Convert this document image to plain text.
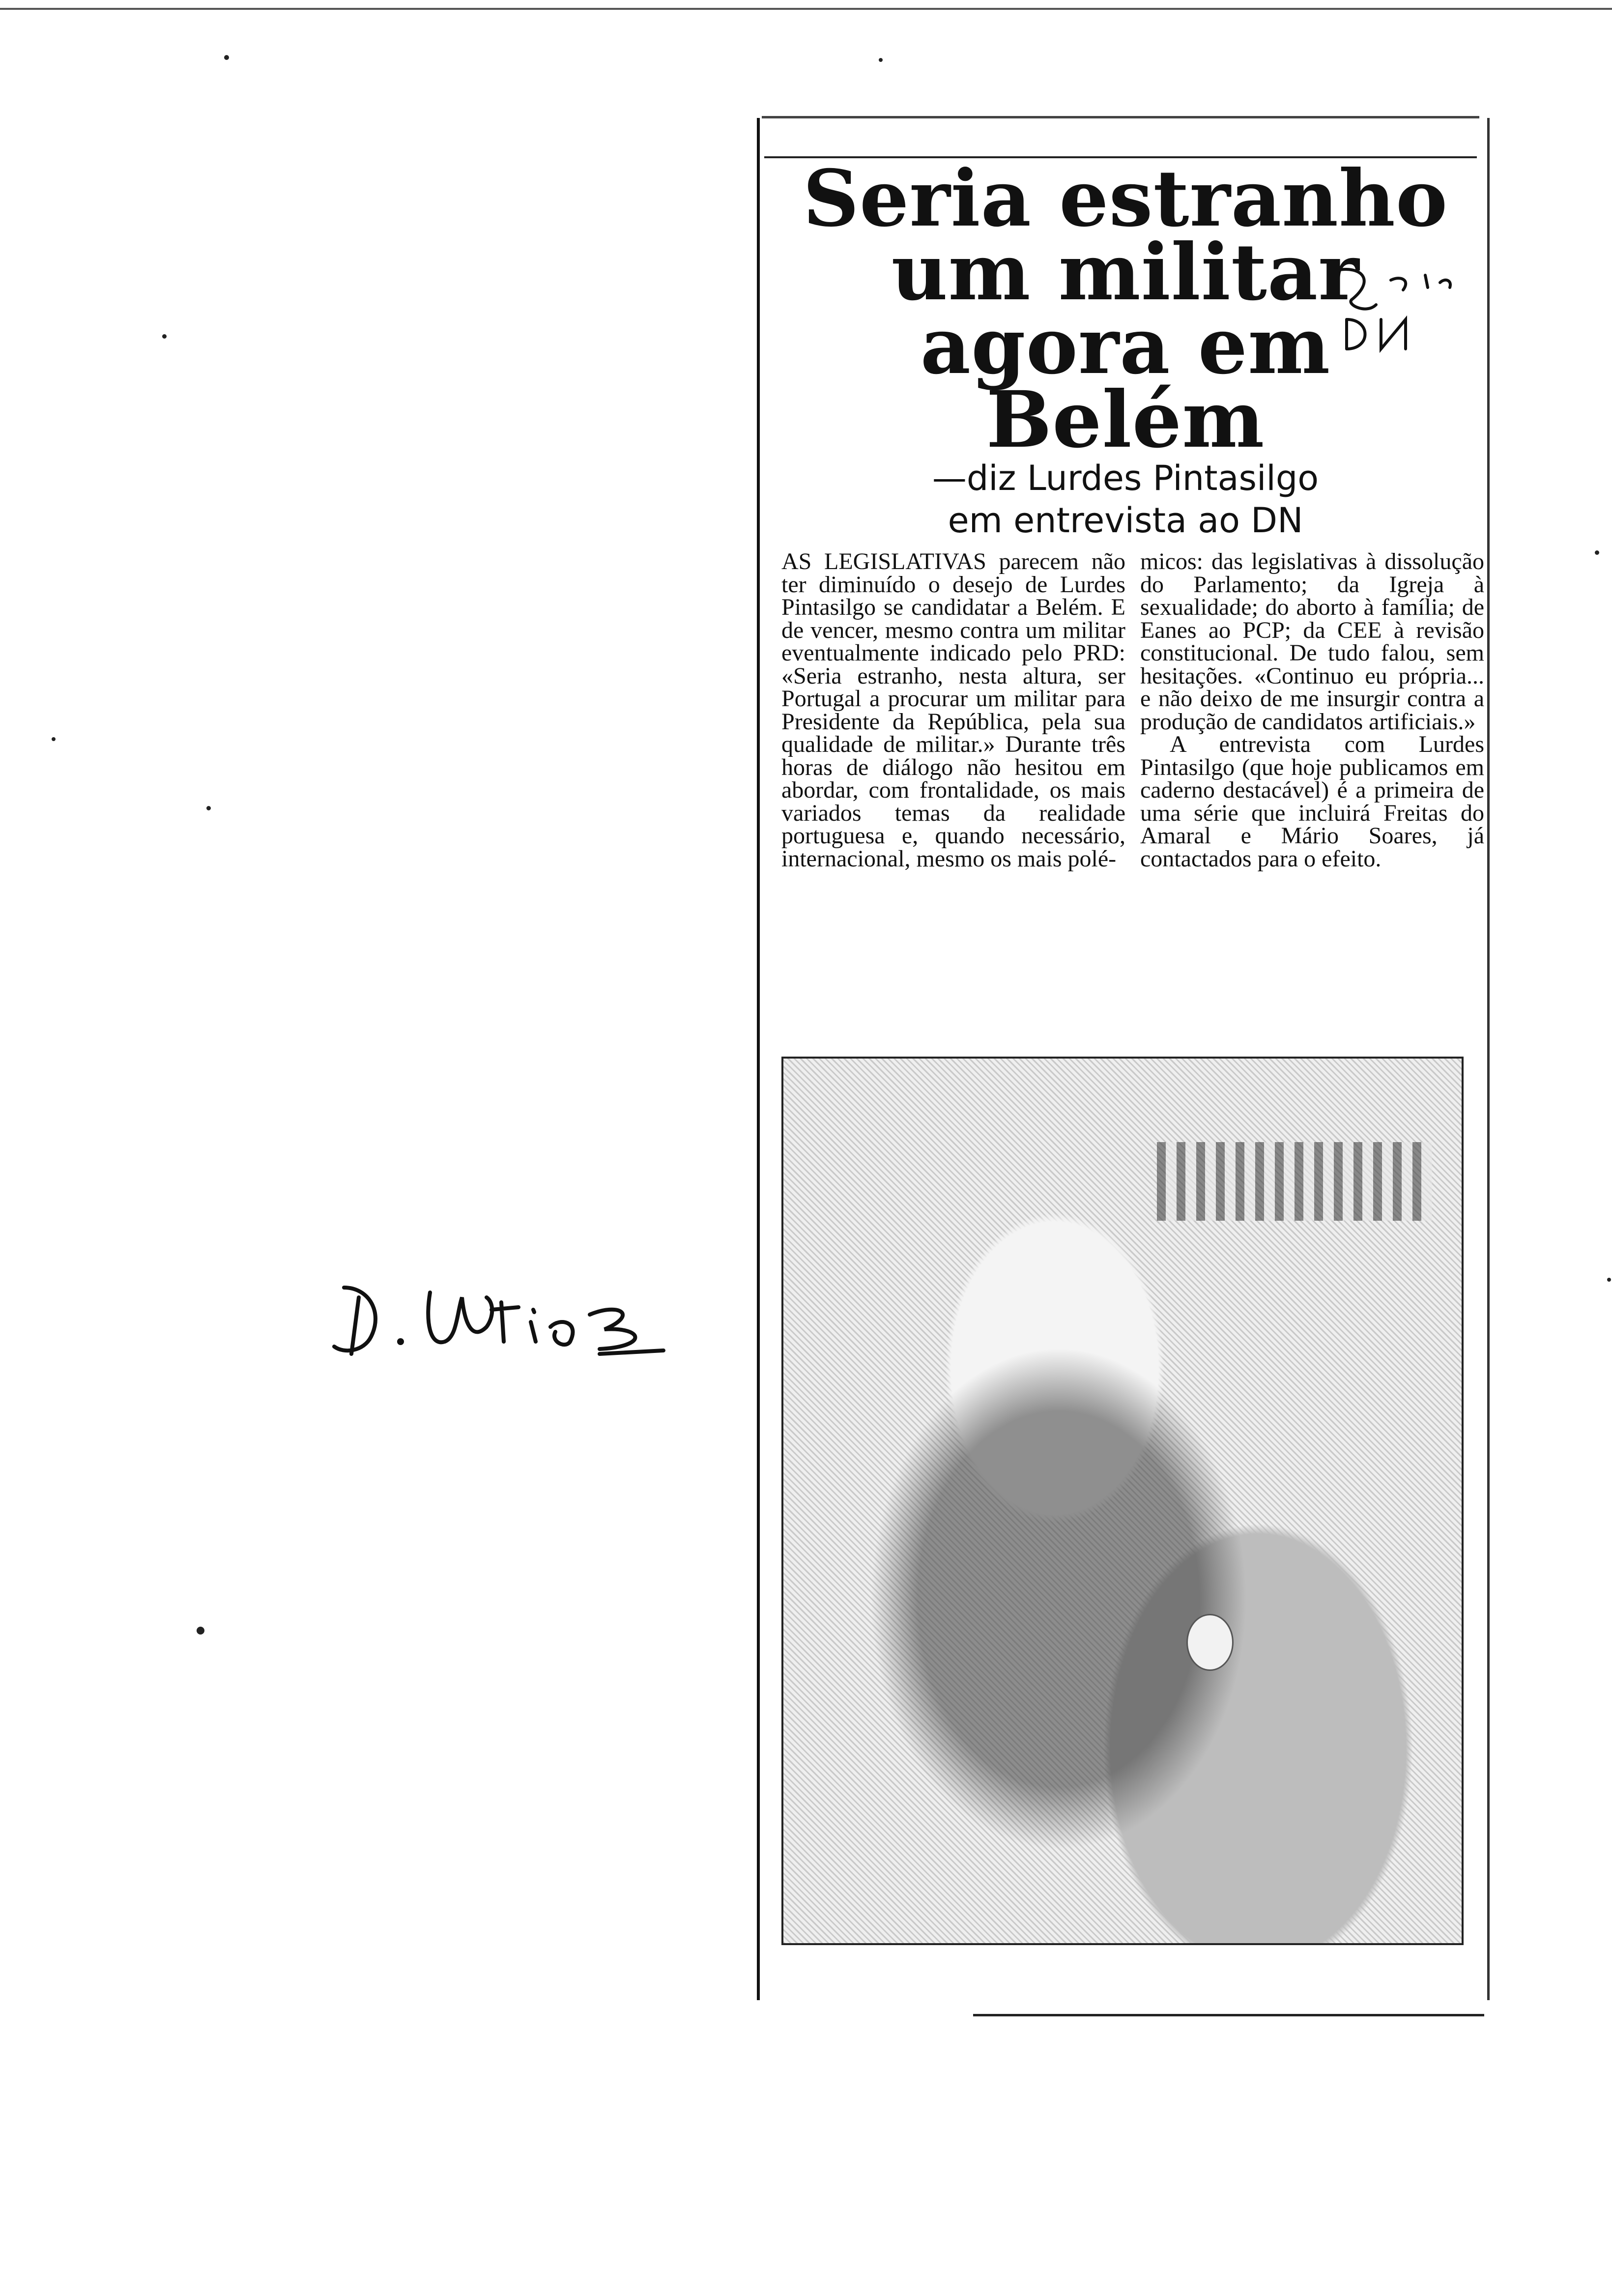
Seria estranho
um militar
agora em Belém
—diz Lurdes Pintasilgo
em entrevista ao DN

AS LEGISLATIVAS parecem não ter diminuído o desejo de Lurdes Pintasilgo se candidatar a Belém. E de vencer, mesmo contra um militar eventualmente indicado pelo PRD: «Seria estranho, nesta altura, ser Portugal a procurar um militar para Presidente da República, pela sua qualidade de militar.» Durante três horas de diálogo não hesitou em abordar, com frontalidade, os mais variados temas da realidade portuguesa e, quando necessário, internacional, mesmo os mais polé-

micos: das legislativas à dissolução do Parlamento; da Igreja à sexualidade; do aborto à família; de Eanes ao PCP; da CEE à revisão constitucional. De tudo falou, sem hesitações. «Continuo eu própria... e não deixo de me insurgir contra a produção de candidatos artificiais.»

A entrevista com Lurdes Pintasilgo (que hoje publicamos em caderno destacável) é a primeira de uma série que incluirá Freitas do Amaral e Mário Soares, já contactados para o efeito.
